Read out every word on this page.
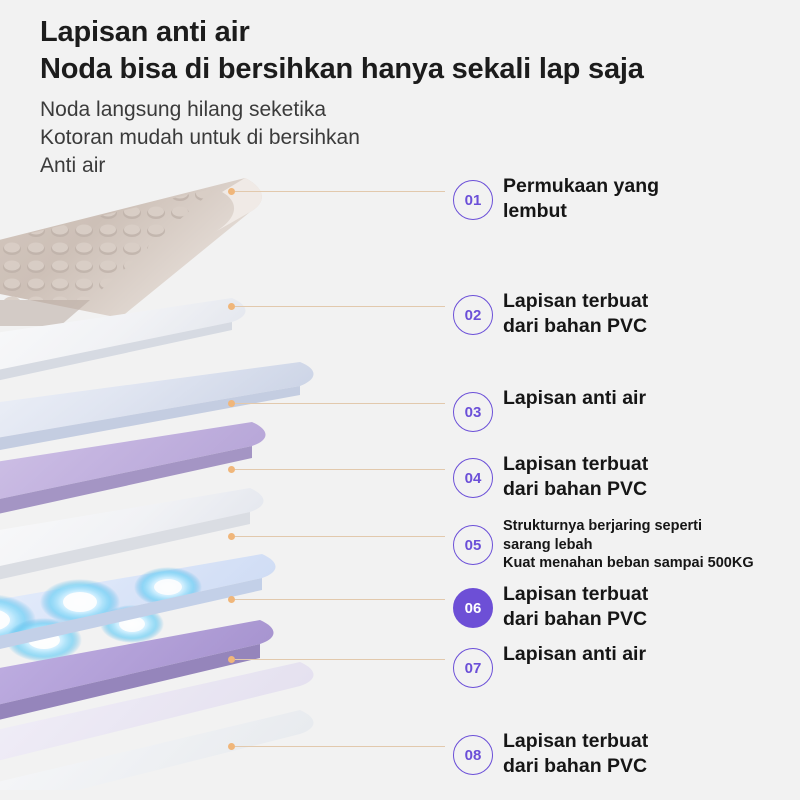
Lapisan anti air
Noda bisa di bersihkan hanya sekali lap saja
Noda langsung hilang seketika
Kotoran mudah untuk di bersihkan
Anti air
01
Permukaan yang
lembut
02
Lapisan terbuat
dari bahan PVC
03
Lapisan anti air
04
Lapisan terbuat
dari bahan PVC
05
Strukturnya berjaring seperti
sarang lebah
Kuat menahan beban sampai 500KG
06
Lapisan terbuat
dari bahan PVC
07
Lapisan anti air
08
Lapisan terbuat
dari bahan PVC
